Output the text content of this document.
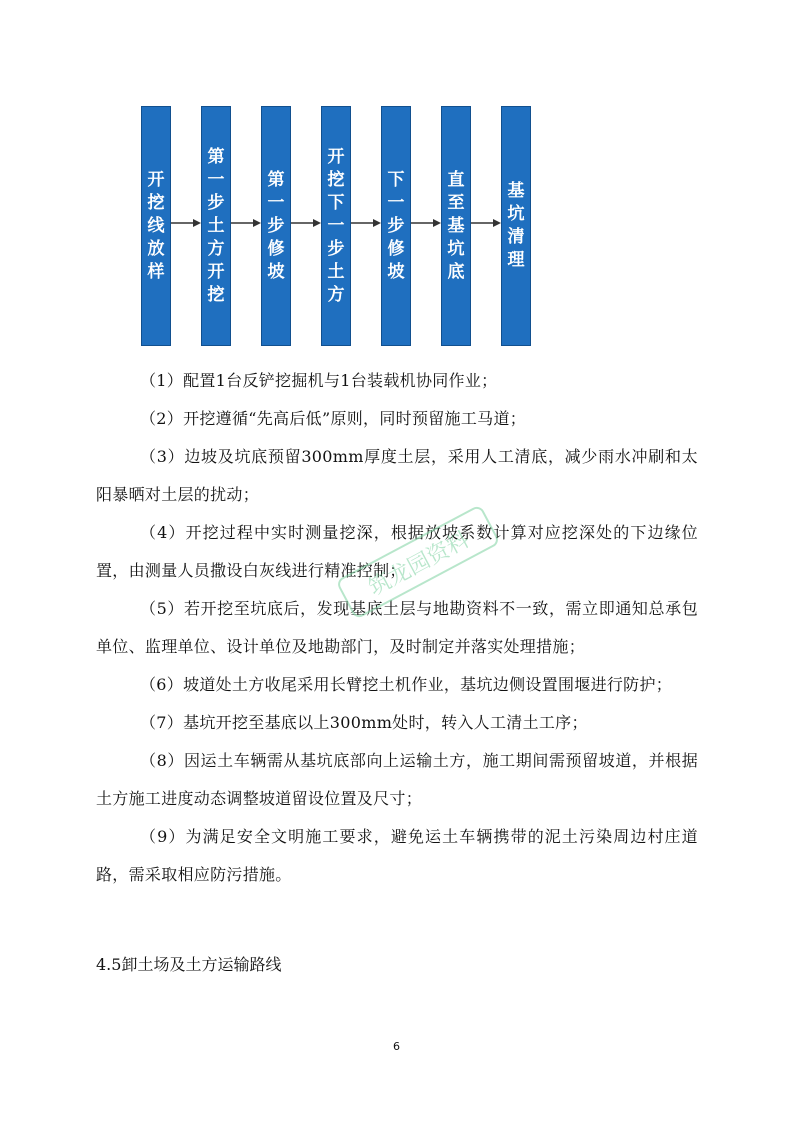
开挖线放样
第一步土方开挖
第一步修坡
开挖下一步土方
下一步修坡
直至基坑底
基坑清理

（1）配置1台反铲挖掘机与1台装载机协同作业；

（2）开挖遵循“先高后低”原则，同时预留施工马道；

（3）边坡及坑底预留300mm厚度土层，采用人工清底，减少雨水冲刷和太阳暴晒对土层的扰动；

（4）开挖过程中实时测量挖深，根据放坡系数计算对应挖深处的下边缘位置，由测量人员撒设白灰线进行精准控制；

（5）若开挖至坑底后，发现基底土层与地勘资料不一致，需立即通知总承包单位、监理单位、设计单位及地勘部门，及时制定并落实处理措施；

（6）坡道处土方收尾采用长臂挖土机作业，基坑边侧设置围堰进行防护；

（7）基坑开挖至基底以上300mm处时，转入人工清土工序；

（8）因运土车辆需从基坑底部向上运输土方，施工期间需预留坡道，并根据土方施工进度动态调整坡道留设位置及尺寸；

（9）为满足安全文明施工要求，避免运土车辆携带的泥土污染周边村庄道路，需采取相应防污措施。

4.5卸土场及土方运输路线
筑龙园资料
6
